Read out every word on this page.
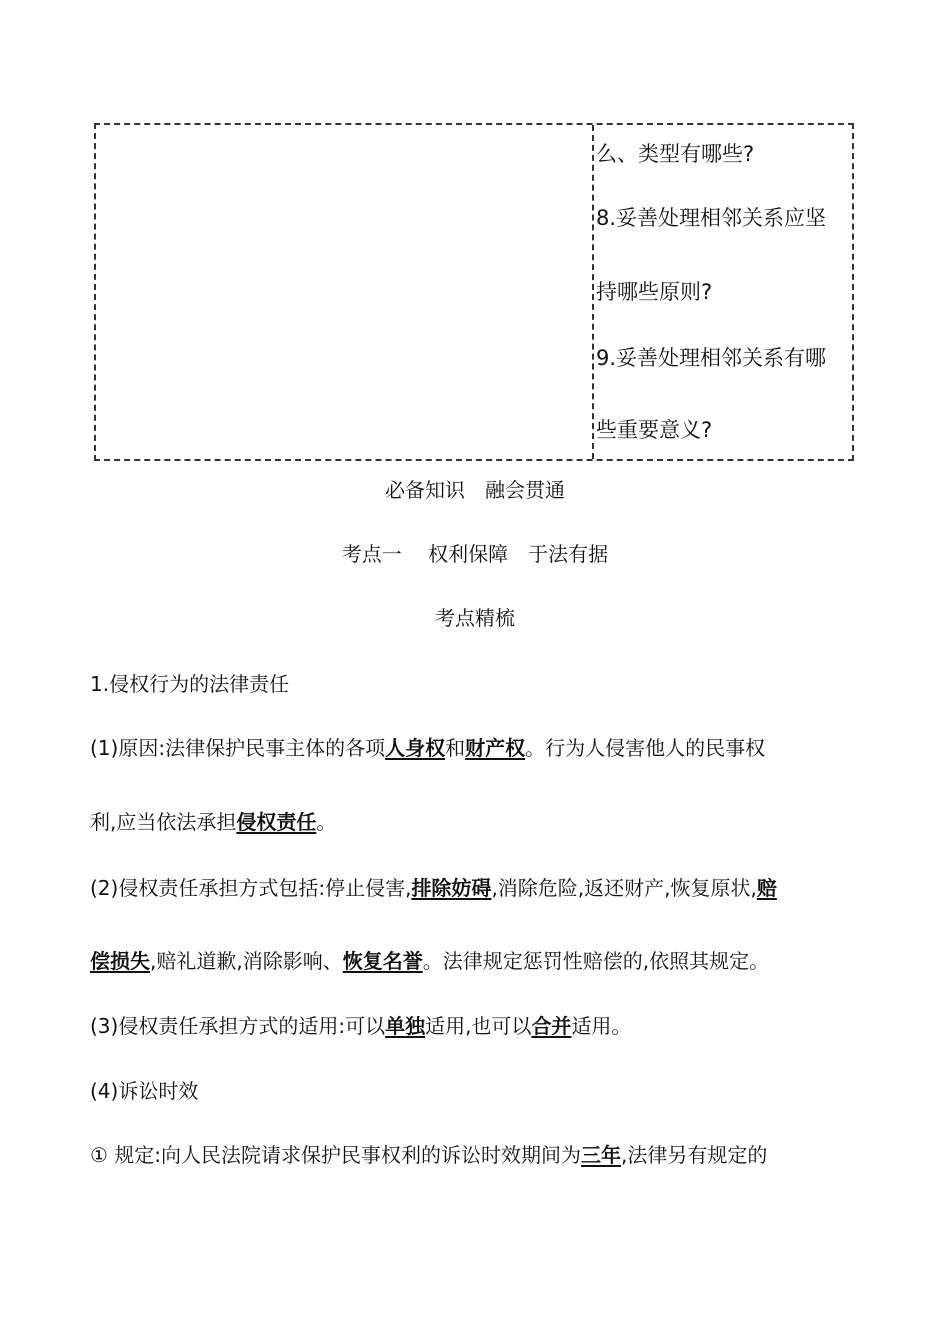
么、类型有哪些?
8.妥善处理相邻关系应坚
持哪些原则?
9.妥善处理相邻关系有哪
些重要意义?
必备知识　融会贯通
考点一　 权利保障　于法有据
考点精梳
1.侵权行为的法律责任
(1)原因:法律保护民事主体的各项人身权和财产权。行为人侵害他人的民事权
利,应当依法承担侵权责任。
(2)侵权责任承担方式包括:停止侵害,排除妨碍,消除危险,返还财产,恢复原状,赔
偿损失,赔礼道歉,消除影响、恢复名誉。法律规定惩罚性赔偿的,依照其规定。
(3)侵权责任承担方式的适用:可以单独适用,也可以合并适用。
(4)诉讼时效
① 规定:向人民法院请求保护民事权利的诉讼时效期间为三年,法律另有规定的
